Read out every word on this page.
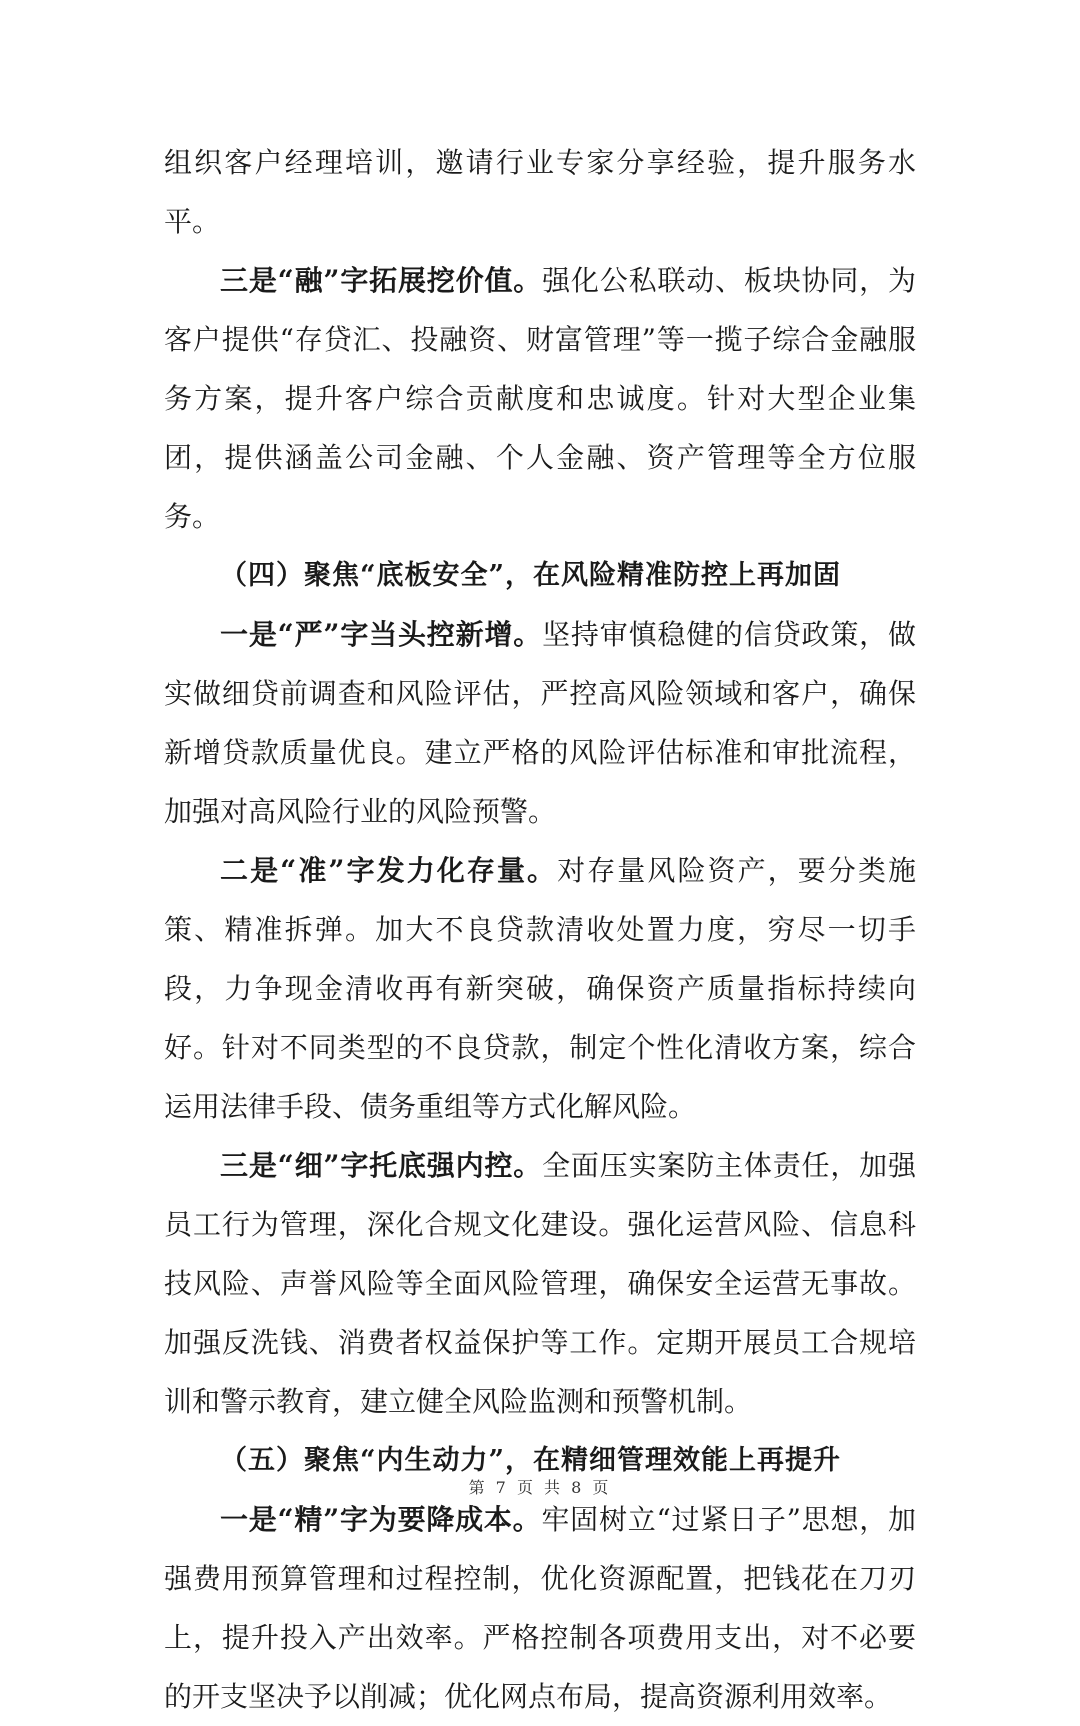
组织客户经理培训，邀请行业专家分享经验，提升服务水平。

三是“融”字拓展挖价值。强化公私联动、板块协同，为客户提供“存贷汇、投融资、财富管理”等一揽子综合金融服务方案，提升客户综合贡献度和忠诚度。针对大型企业集团，提供涵盖公司金融、个人金融、资产管理等全方位服务。

（四）聚焦“底板安全”，在风险精准防控上再加固

一是“严”字当头控新增。坚持审慎稳健的信贷政策，做实做细贷前调查和风险评估，严控高风险领域和客户，确保新增贷款质量优良。建立严格的风险评估标准和审批流程，加强对高风险行业的风险预警。

二是“准”字发力化存量。对存量风险资产，要分类施策、精准拆弹。加大不良贷款清收处置力度，穷尽一切手段，力争现金清收再有新突破，确保资产质量指标持续向好。针对不同类型的不良贷款，制定个性化清收方案，综合运用法律手段、债务重组等方式化解风险。

三是“细”字托底强内控。全面压实案防主体责任，加强员工行为管理，深化合规文化建设。强化运营风险、信息科技风险、声誉风险等全面风险管理，确保安全运营无事故。加强反洗钱、消费者权益保护等工作。定期开展员工合规培训和警示教育，建立健全风险监测和预警机制。

（五）聚焦“内生动力”，在精细管理效能上再提升

一是“精”字为要降成本。牢固树立“过紧日子”思想，加强费用预算管理和过程控制，优化资源配置，把钱花在刀刃上，提升投入产出效率。严格控制各项费用支出，对不必要的开支坚决予以削减；优化网点布局，提高资源利用效率。

第 7 页 共 8 页
